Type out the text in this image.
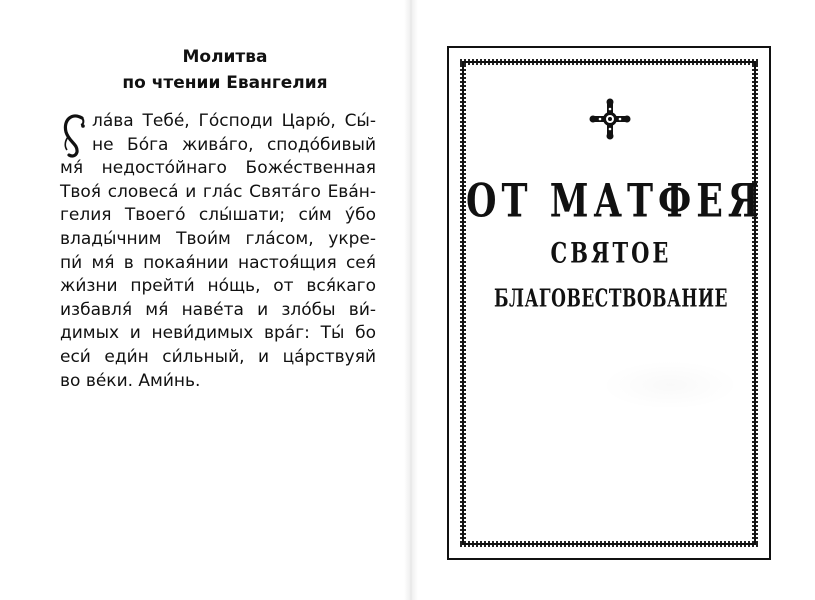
Молитва
по чтении Евангелия
ла́ва Тебе́, Го́споди Царю́, Сы́-
не Бо́га жива́го, сподо́бивый
мя́ недосто́йнаго Боже́ственная
Твоя́ словеса́ и гла́с Свята́го Ева́н-
гелия Твоего́ слы́шати; си́м у́бо
влады́чним Твои́м гла́сом, укре-
пи́ мя́ в покая́нии настоя́щия сея́
жи́зни прейти́ но́щь, от вся́каго
избавля́ мя́ наве́та и зло́бы ви́-
димых и неви́димых вра́г: Ты́ бо
еси́ еди́н си́льный, и ца́рствуяй
во ве́ки. Ами́нь.
ОТ МАТФЕЯ
СВЯТОЕ
БЛАГОВЕСТВОВАНИЕ
